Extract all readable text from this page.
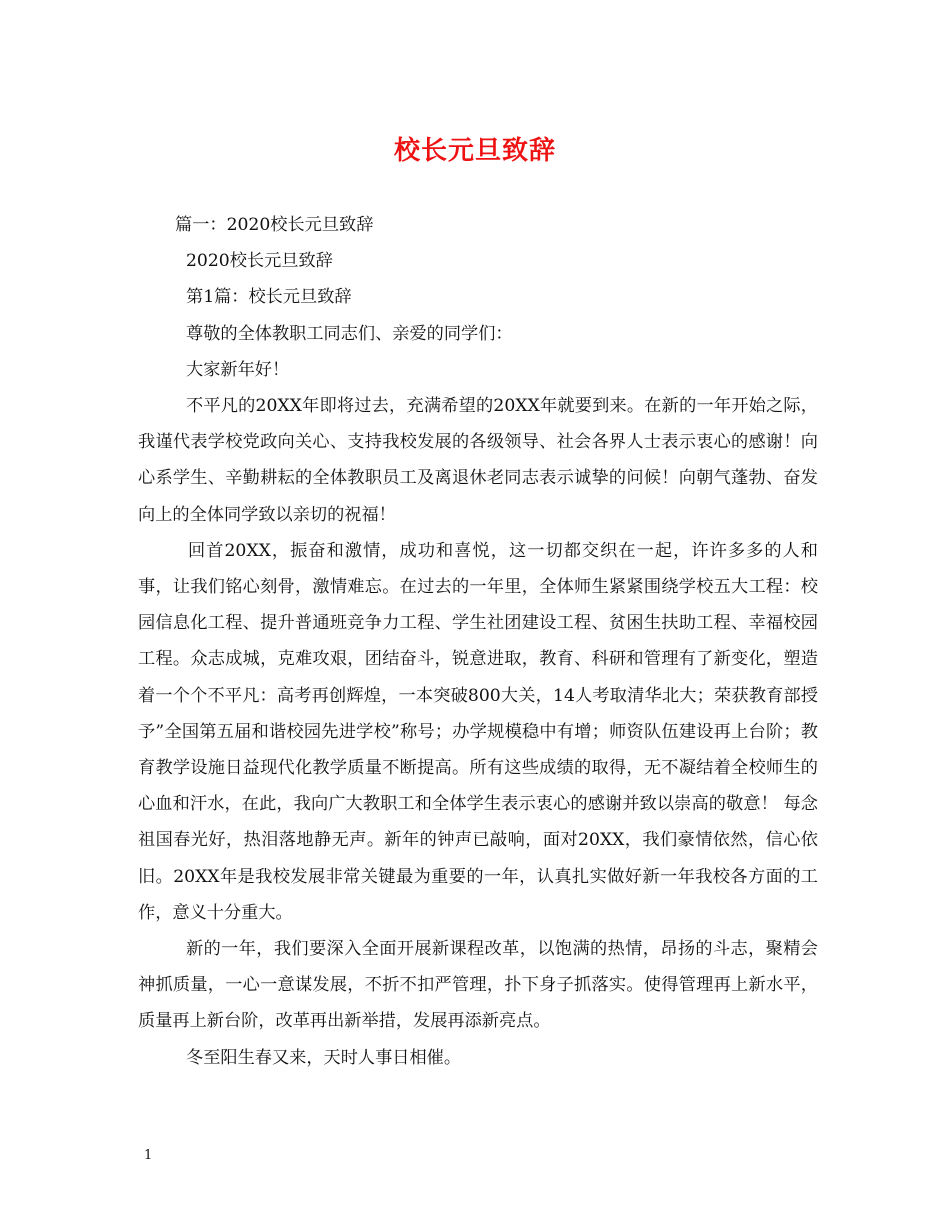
校长元旦致辞

篇一：2020校长元旦致辞

2020校长元旦致辞

第1篇：校长元旦致辞

尊敬的全体教职工同志们、亲爱的同学们：

大家新年好！

不平凡的20XX年即将过去，充满希望的20XX年就要到来。在新的一年开始之际，我谨代表学校党政向关心、支持我校发展的各级领导、社会各界人士表示衷心的感谢！向心系学生、辛勤耕耘的全体教职员工及离退休老同志表示诚挚的问候！向朝气蓬勃、奋发向上的全体同学致以亲切的祝福！

回首20XX，振奋和激情，成功和喜悦，这一切都交织在一起，许许多多的人和事，让我们铭心刻骨，激情难忘。在过去的一年里，全体师生紧紧围绕学校五大工程：校园信息化工程、提升普通班竞争力工程、学生社团建设工程、贫困生扶助工程、幸福校园工程。众志成城，克难攻艰，团结奋斗，锐意进取，教育、科研和管理有了新变化，塑造着一个个不平凡：高考再创辉煌，一本突破800大关，14人考取清华北大；荣获教育部授予”全国第五届和谐校园先进学校”称号；办学规模稳中有增；师资队伍建设再上台阶；教育教学设施日益现代化教学质量不断提高。所有这些成绩的取得，无不凝结着全校师生的心血和汗水，在此，我向广大教职工和全体学生表示衷心的感谢并致以崇高的敬意！ 每念祖国春光好，热泪落地静无声。新年的钟声已敲响，面对20XX，我们豪情依然，信心依旧。20XX年是我校发展非常关键最为重要的一年，认真扎实做好新一年我校各方面的工作，意义十分重大。

新的一年，我们要深入全面开展新课程改革，以饱满的热情，昂扬的斗志，聚精会神抓质量，一心一意谋发展，不折不扣严管理，扑下身子抓落实。使得管理再上新水平，质量再上新台阶，改革再出新举措，发展再添新亮点。

冬至阳生春又来，天时人事日相催。

1
